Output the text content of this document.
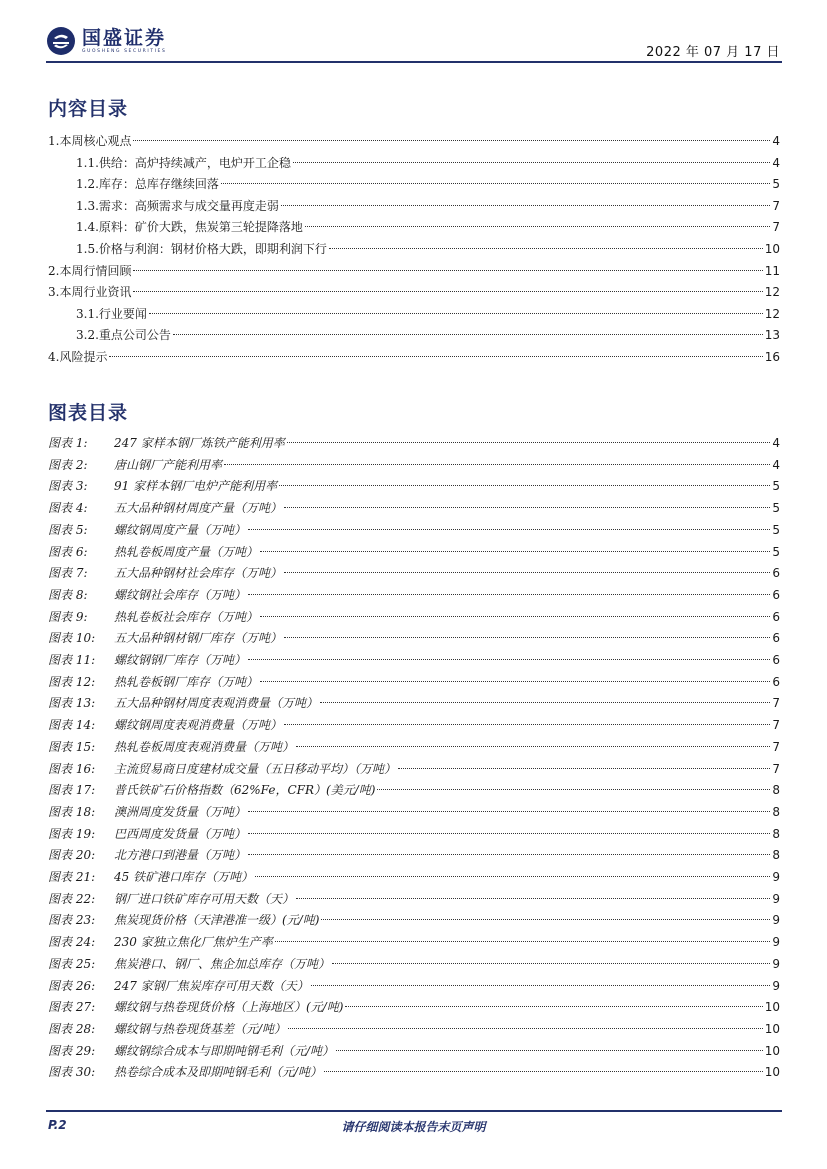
国盛证券
GUOSHENG SECURITIES	2022 年 07 月 17 日
内容目录
1.本周核心观点	4
1.1.供给：高炉持续减产，电炉开工企稳	4
1.2.库存：总库存继续回落	5
1.3.需求：高频需求与成交量再度走弱	7
1.4.原料：矿价大跌，焦炭第三轮提降落地	7
1.5.价格与利润：钢材价格大跌，即期利润下行	10
2.本周行情回顾	11
3.本周行业资讯	12
3.1.行业要闻	12
3.2.重点公司公告	13
4.风险提示	16
图表目录
图表 1: 247 家样本钢厂炼铁产能利用率	4
图表 2: 唐山钢厂产能利用率	4
图表 3: 91 家样本钢厂电炉产能利用率	5
图表 4: 五大品种钢材周度产量（万吨）	5
图表 5: 螺纹钢周度产量（万吨）	5
图表 6: 热轧卷板周度产量（万吨）	5
图表 7: 五大品种钢材社会库存（万吨）	6
图表 8: 螺纹钢社会库存（万吨）	6
图表 9: 热轧卷板社会库存（万吨）	6
图表 10: 五大品种钢材钢厂库存（万吨）	6
图表 11: 螺纹钢钢厂库存（万吨）	6
图表 12: 热轧卷板钢厂库存（万吨）	6
图表 13: 五大品种钢材周度表观消费量（万吨）	7
图表 14: 螺纹钢周度表观消费量（万吨）	7
图表 15: 热轧卷板周度表观消费量（万吨）	7
图表 16: 主流贸易商日度建材成交量（五日移动平均）（万吨）	7
图表 17: 普氏铁矿石价格指数（62%Fe，CFR）(美元/吨)	8
图表 18: 澳洲周度发货量（万吨）	8
图表 19: 巴西周度发货量（万吨）	8
图表 20: 北方港口到港量（万吨）	8
图表 21: 45 铁矿港口库存（万吨）	9
图表 22: 钢厂进口铁矿库存可用天数（天）	9
图表 23: 焦炭现货价格（天津港准一级）(元/吨)	9
图表 24: 230 家独立焦化厂焦炉生产率	9
图表 25: 焦炭港口、钢厂、焦企加总库存（万吨）	9
图表 26: 247 家钢厂焦炭库存可用天数（天）	9
图表 27: 螺纹钢与热卷现货价格（上海地区）(元/吨)	10
图表 28: 螺纹钢与热卷现货基差（元/吨）	10
图表 29: 螺纹钢综合成本与即期吨钢毛利（元/吨）	10
图表 30: 热卷综合成本及即期吨钢毛利（元/吨）	10
请仔细阅读本报告末页声明
P.2
